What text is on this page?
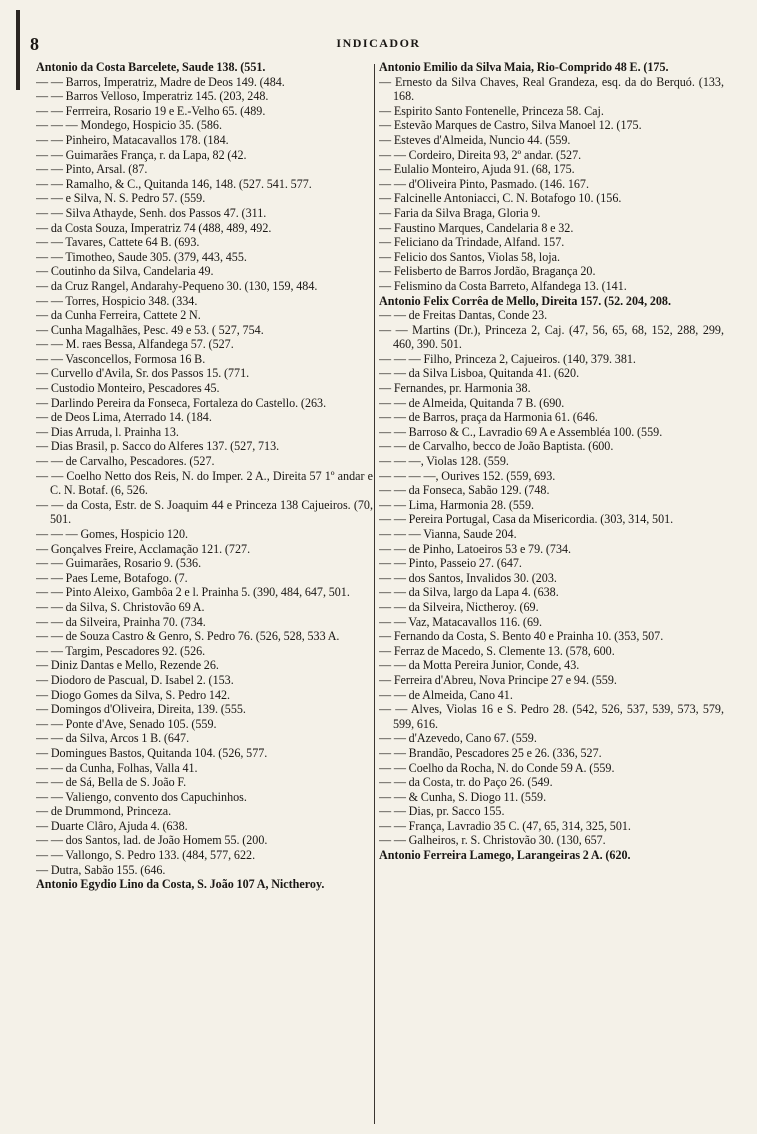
8	INDICADOR

Antonio da Costa Barcelete, Saude 138. (551.

— — Barros, Imperatriz, Madre de Deos 149. (484.

— — Barros Velloso, Imperatriz 145. (203, 248.

— — Ferrreira, Rosario 19 e E.-Velho 65. (489.

— — — Mondego, Hospicio 35. (586.

— — Pinheiro, Matacavallos 178. (184.

— — Guimarães França, r. da Lapa, 82 (42.

— — Pinto, Arsal. (87.

— — Ramalho, & C., Quitanda 146, 148. (527. 541. 577.

— — e Silva, N. S. Pedro 57. (559.

— — Silva Athayde, Senh. dos Passos 47. (311.

— da Costa Souza, Imperatriz 74 (488, 489, 492.

— — Tavares, Cattete 64 B. (693.

— — Timotheo, Saude 305. (379, 443, 455.

— Coutinho da Silva, Candelaria 49.

— da Cruz Rangel, Andarahy-Pequeno 30. (130, 159, 484.

— — Torres, Hospicio 348. (334.

— da Cunha Ferreira, Cattete 2 N.

— Cunha Magalhães, Pesc. 49 e 53. ( 527, 754.

— — M. raes Bessa, Alfandega 57. (527.

— — Vasconcellos, Formosa 16 B.

— Curvello d'Avila, Sr. dos Passos 15. (771.

— Custodio Monteiro, Pescadores 45.

— Darlindo Pereira da Fonseca, Fortaleza do Castello. (263.

— de Deos Lima, Aterrado 14. (184.

— Dias Arruda, l. Prainha 13.

— Dias Brasil, p. Sacco do Alferes 137. (527, 713.

— — de Carvalho, Pescadores. (527.

— — Coelho Netto dos Reis, N. do Imper. 2 A., Direita 57 1º andar e C. N. Botaf. (6, 526.

— — da Costa, Estr. de S. Joaquim 44 e Princeza 138 Cajueiros. (70, 501.

— — — Gomes, Hospicio 120.

— Gonçalves Freire, Acclamação 121. (727.

— — Guimarães, Rosario 9. (536.

— — Paes Leme, Botafogo. (7.

— — Pinto Aleixo, Gambôa 2 e l. Prainha 5. (390, 484, 647, 501.

— — da Silva, S. Christovão 69 A.

— — da Silveira, Prainha 70. (734.

— — de Souza Castro & Genro, S. Pedro 76. (526, 528, 533 A.

— — Targim, Pescadores 92. (526.

— Diniz Dantas e Mello, Rezende 26.

— Diodoro de Pascual, D. Isabel 2. (153.

— Diogo Gomes da Silva, S. Pedro 142.

— Domingos d'Oliveira, Direita, 139. (555.

— — Ponte d'Ave, Senado 105. (559.

— — da Silva, Arcos 1 B. (647.

— Domingues Bastos, Quitanda 104. (526, 577.

— — da Cunha, Folhas, Valla 41.

— — de Sá, Bella de S. João F.

— — Valiengo, convento dos Capuchinhos.

— de Drummond, Princeza.

— Duarte Clâro, Ajuda 4. (638.

— — dos Santos, lad. de João Homem 55. (200.

— — Vallongo, S. Pedro 133. (484, 577, 622.

— Dutra, Sabão 155. (646.

Antonio Egydio Lino da Costa, S. João 107 A, Nictheroy.

Antonio Emilio da Silva Maia, Rio-Comprido 48 E. (175.

— Ernesto da Silva Chaves, Real Grandeza, esq. da do Berquó. (133, 168.

— Espirito Santo Fontenelle, Princeza 58. Caj.

— Estevão Marques de Castro, Silva Manoel 12. (175.

— Esteves d'Almeida, Nuncio 44. (559.

— — Cordeiro, Direita 93, 2º andar. (527.

— Eulalio Monteiro, Ajuda 91. (68, 175.

— — d'Oliveira Pinto, Pasmado. (146. 167.

— Falcinelle Antoniacci, C. N. Botafogo 10. (156.

— Faria da Silva Braga, Gloria 9.

— Faustino Marques, Candelaria 8 e 32.

— Feliciano da Trindade, Alfand. 157.

— Felicio dos Santos, Violas 58, loja.

— Felisberto de Barros Jordão, Bragança 20.

— Felismino da Costa Barreto, Alfandega 13. (141.

Antonio Felix Corrêa de Mello, Direita 157. (52. 204, 208.

— — de Freitas Dantas, Conde 23.

— — Martins (Dr.), Princeza 2, Caj. (47, 56, 65, 68, 152, 288, 299, 460, 390. 501.

— — — Filho, Princeza 2, Cajueiros. (140, 379. 381.

— — da Silva Lisboa, Quitanda 41. (620.

— Fernandes, pr. Harmonia 38.

— — de Almeida, Quitanda 7 B. (690.

— — de Barros, praça da Harmonia 61. (646.

— — Barroso & C., Lavradio 69 A e Assembléa 100. (559.

— — de Carvalho, becco de João Baptista. (600.

— — —, Violas 128. (559.

— — — —, Ourives 152. (559, 693.

— — da Fonseca, Sabão 129. (748.

— — Lima, Harmonia 28. (559.

— — Pereira Portugal, Casa da Misericordia. (303, 314, 501.

— — — Vianna, Saude 204.

— — de Pinho, Latoeiros 53 e 79. (734.

— — Pinto, Passeio 27. (647.

— — dos Santos, Invalidos 30. (203.

— — da Silva, largo da Lapa 4. (638.

— — da Silveira, Nictheroy. (69.

— — Vaz, Matacavallos 116. (69.

— Fernando da Costa, S. Bento 40 e Prainha 10. (353, 507.

— Ferraz de Macedo, S. Clemente 13. (578, 600.

— — da Motta Pereira Junior, Conde, 43.

— Ferreira d'Abreu, Nova Principe 27 e 94. (559.

— — de Almeida, Cano 41.

— — Alves, Violas 16 e S. Pedro 28. (542, 526, 537, 539, 573, 579, 599, 616.

— — d'Azevedo, Cano 67. (559.

— — Brandão, Pescadores 25 e 26. (336, 527.

— — Coelho da Rocha, N. do Conde 59 A. (559.

— — da Costa, tr. do Paço 26. (549.

— — & Cunha, S. Diogo 11. (559.

— — Dias, pr. Sacco 155.

— — França, Lavradio 35 C. (47, 65, 314, 325, 501.

— — Galheiros, r. S. Christovão 30. (130, 657.

Antonio Ferreira Lamego, Larangeiras 2 A. (620.
